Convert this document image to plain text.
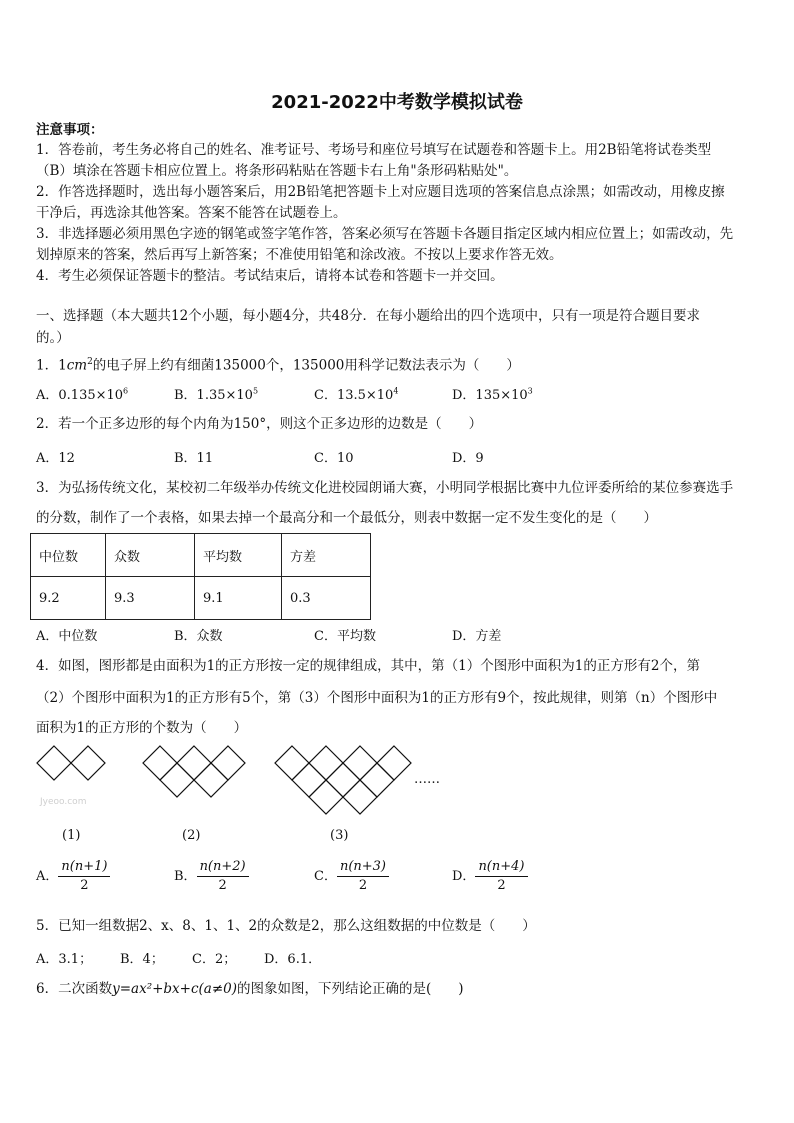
2021-2022中考数学模拟试卷
注意事项：
1．答卷前，考生务必将自己的姓名、准考证号、考场号和座位号填写在试题卷和答题卡上。用2B铅笔将试卷类型
（B）填涂在答题卡相应位置上。将条形码粘贴在答题卡右上角"条形码粘贴处"。
2．作答选择题时，选出每小题答案后，用2B铅笔把答题卡上对应题目选项的答案信息点涂黑；如需改动，用橡皮擦
干净后，再选涂其他答案。答案不能答在试题卷上。
3．非选择题必须用黑色字迹的钢笔或签字笔作答，答案必须写在答题卡各题目指定区域内相应位置上；如需改动，先
划掉原来的答案，然后再写上新答案；不准使用铅笔和涂改液。不按以上要求作答无效。
4．考生必须保证答题卡的整洁。考试结束后，请将本试卷和答题卡一并交回。
一、选择题（本大题共12个小题，每小题4分，共48分．在每小题给出的四个选项中，只有一项是符合题目要求
的。）
1．$1cm^2$的电子屏上约有细菌135000个，135000用科学记数法表示为（　　）
A．$0.135\times 10^6$	B．$1.35\times 10^5$	C．$13.5\times 10^4$	D．$135\times 10^3$
2．若一个正多边形的每个内角为150°，则这个正多边形的边数是（　　）
A．12	B．11	C．10	D．9
3．为弘扬传统文化，某校初二年级举办传统文化进校园朗诵大赛，小明同学根据比赛中九位评委所给的某位参赛选手
的分数，制作了一个表格，如果去掉一个最高分和一个最低分，则表中数据一定不发生变化的是（　　）
中位数	众数	平均数	方差
9.2	9.3	9.1	0.3
A．中位数	B．众数	C．平均数	D．方差
4．如图，图形都是由面积为1的正方形按一定的规律组成，其中，第（1）个图形中面积为1的正方形有2个，第
（2）个图形中面积为1的正方形有5个，第（3）个图形中面积为1的正方形有9个，按此规律，则第（n）个图形中
面积为1的正方形的个数为（　　）
……
Jyeoo.com
(1)	(2)	(3)
A． $\frac{n(n+1)}{2}$	B． $\frac{n(n+2)}{2}$	C． $\frac{n(n+3)}{2}$	D． $\frac{n(n+4)}{2}$
5．已知一组数据2、x、8、1、1、2的众数是2，那么这组数据的中位数是（　　）
A．3.1； B．4； C．2； D．6.1．
6．二次函数y=ax²+bx+c(a≠0)的图象如图，下列结论正确的是(　　)
